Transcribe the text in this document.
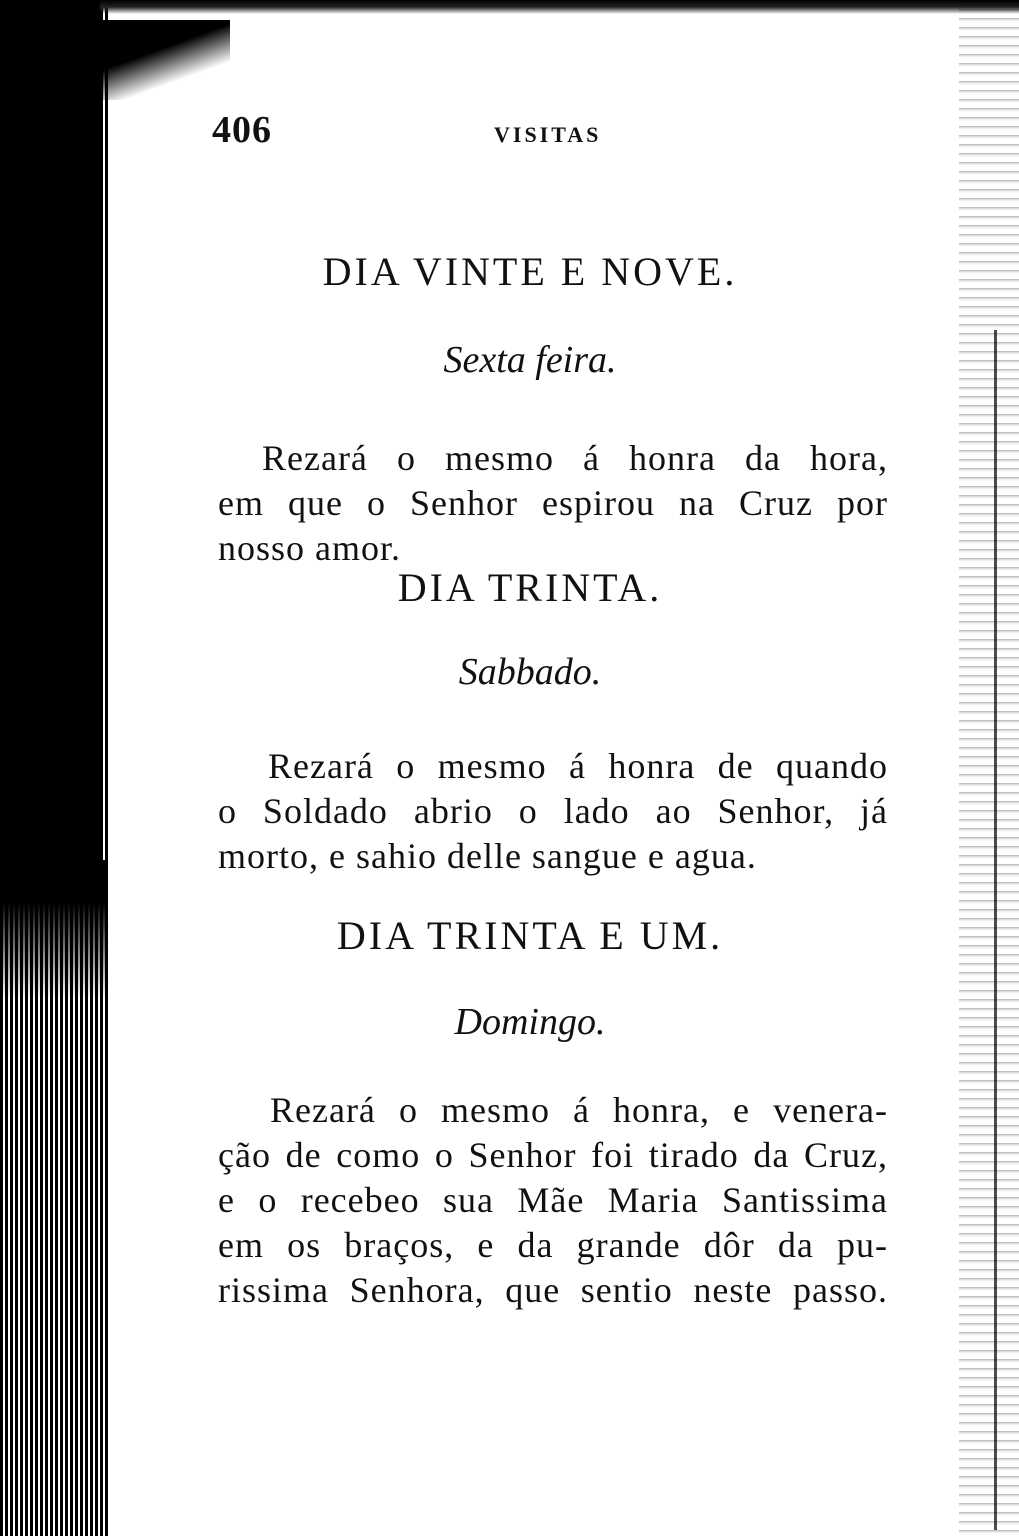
406	VISITAS
DIA VINTE E NOVE.
Sexta feira.
Rezará o mesmo á honra da hora,
em que o Senhor espirou na Cruz por
nosso amor.
DIA TRINTA.
Sabbado.
Rezará o mesmo á honra de quando
o Soldado abrio o lado ao Senhor, já
morto, e sahio delle sangue e agua.
DIA TRINTA E UM.
Domingo.
Rezará o mesmo á honra, e venera-
ção de como o Senhor foi tirado da Cruz,
e o recebeo sua Mãe Maria Santissima
em os braços, e da grande dôr da pu-
rissima Senhora, que sentio neste passo.
